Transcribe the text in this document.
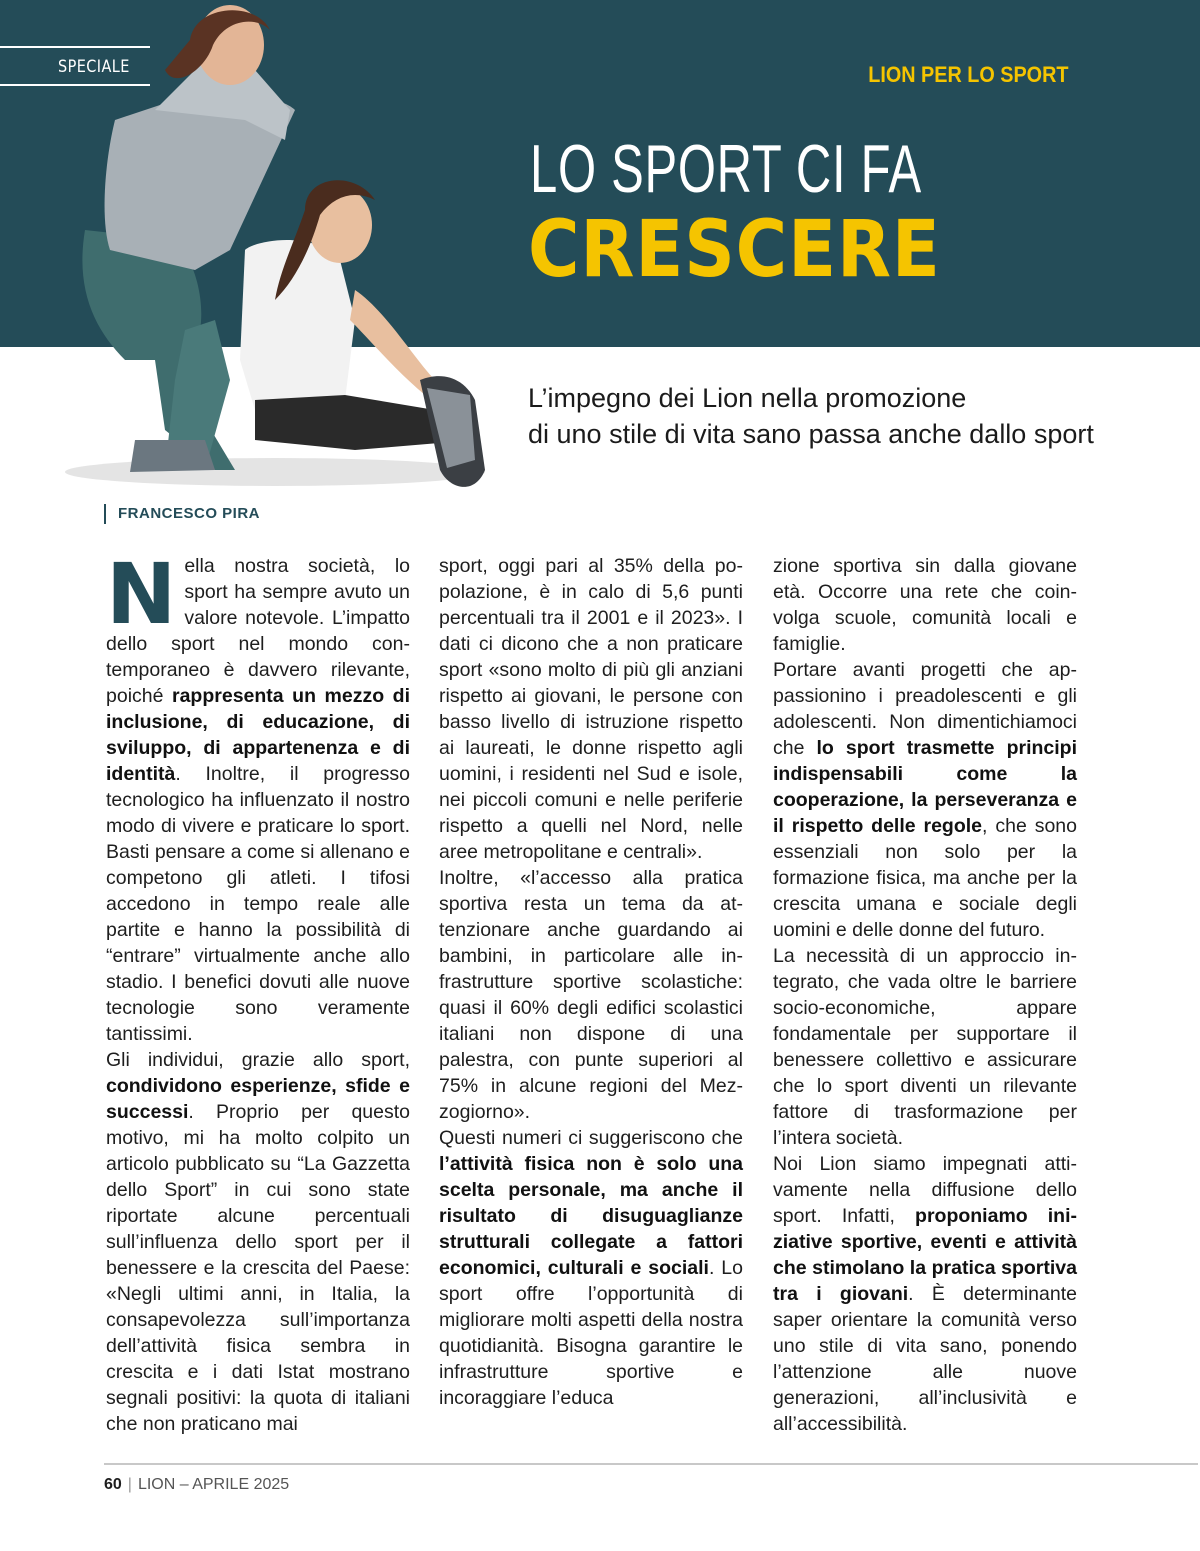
SPECIALE	LION PER LO SPORT
LO SPORT CI FA
CRESCERE
L’impegno dei Lion nella promozione
di uno stile di vita sano passa anche dallo sport
FRANCESCO PIRA

Nella nostra società, lo sport ha sempre avuto un valore notevole. L’impatto dello sport nel mondo contemporaneo è davvero rilevante, poiché rappresenta un mezzo di inclusione, di educazione, di sviluppo, di appartenenza e di identità. Inoltre, il progresso tecnologico ha influenzato il nostro modo di vivere e praticare lo sport. Basti pensare a come si allenano e competono gli atleti. I tifosi accedono in tempo reale alle partite e hanno la possibilità di “entrare” virtualmente anche allo stadio. I benefici dovuti alle nuove tecnologie sono veramente tantissimi.

Gli individui, grazie allo sport, condividono esperienze, sfide e successi. Proprio per questo motivo, mi ha molto colpito un articolo pubblicato su “La Gazzetta dello Sport” in cui sono state riportate alcune percentuali sull’influenza dello sport per il benessere e la crescita del Paese: «Negli ultimi anni, in Italia, la consapevolezza sull’importanza dell’attività fisica sembra in crescita e i dati Istat mostrano segnali positivi: la quota di italiani che non praticano mai

sport, oggi pari al 35% della popolazione, è in calo di 5,6 punti percentuali tra il 2001 e il 2023». I dati ci dicono che a non praticare sport «sono molto di più gli anziani rispetto ai giovani, le persone con basso livello di istruzione rispetto ai laureati, le donne rispetto agli uomini, i residenti nel Sud e isole, nei piccoli comuni e nelle periferie rispetto a quelli nel Nord, nelle aree metropolitane e centrali».

Inoltre, «l’accesso alla pratica sportiva resta un tema da attenzionare anche guardando ai bambini, in particolare alle infrastrutture sportive scolastiche: quasi il 60% degli edifici scolastici italiani non dispone di una palestra, con punte superiori al 75% in alcune regioni del Mezzogiorno».

Questi numeri ci suggeriscono che l’attività fisica non è solo una scelta personale, ma anche il risultato di disuguaglianze strutturali collegate a fattori economici, culturali e sociali. Lo sport offre l’opportunità di migliorare molti aspetti della nostra quotidianità. Bisogna garantire le infrastrutture sportive e incoraggiare l’educa

zione sportiva sin dalla giovane età. Occorre una rete che coinvolga scuole, comunità locali e famiglie.

Portare avanti progetti che appassionino i preadolescenti e gli adolescenti. Non dimentichiamoci che lo sport trasmette principi indispensabili come la cooperazione, la perseveranza e il rispetto delle regole, che sono essenziali non solo per la formazione fisica, ma anche per la crescita umana e sociale degli uomini e delle donne del futuro.

La necessità di un approccio integrato, che vada oltre le barriere socio-economiche, appare fondamentale per supportare il benessere collettivo e assicurare che lo sport diventi un rilevante fattore di trasformazione per l’intera società.

Noi Lion siamo impegnati attivamente nella diffusione dello sport. Infatti, proponiamo iniziative sportive, eventi e attività che stimolano la pratica sportiva tra i giovani. È determinante saper orientare la comunità verso uno stile di vita sano, ponendo l’attenzione alle nuove generazioni, all’inclusività e all’accessibilità.

60 | LION – APRILE 2025
